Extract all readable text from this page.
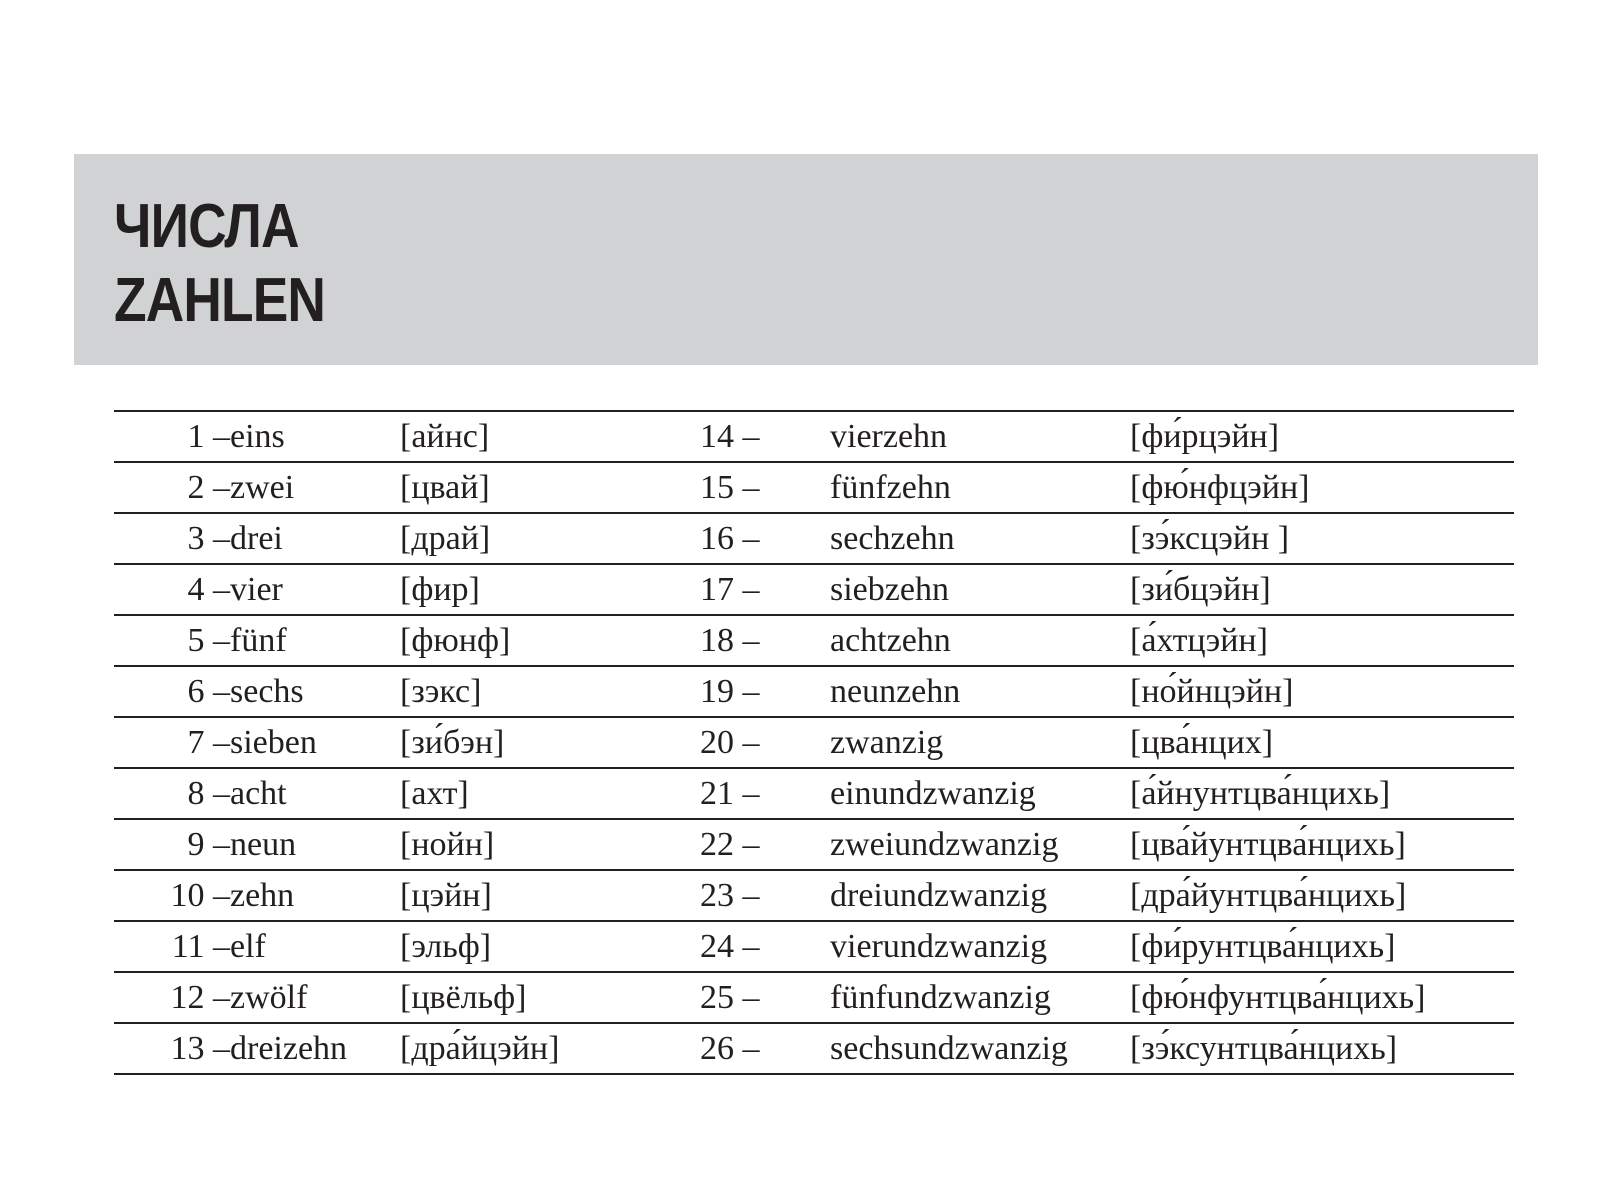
ЧИСЛА
ZAHLEN
1 –	eins	[айнс]	14 –	vierzehn	[фи́рцэйн]
2 –	zwei	[цвай]	15 –	fünfzehn	[фю́нфцэйн]
3 –	drei	[драй]	16 –	sechzehn	[зэ́ксцэйн ]
4 –	vier	[фир]	17 –	siebzehn	[зи́бцэйн]
5 –	fünf	[фюнф]	18 –	achtzehn	[а́хтцэйн]
6 –	sechs	[зэкс]	19 –	neunzehn	[но́йнцэйн]
7 –	sieben	[зи́бэн]	20 –	zwanzig	[цва́нцих]
8 –	acht	[ахт]	21 –	einundzwanzig	[а́йнунтцва́нцихь]
9 –	neun	[нойн]	22 –	zweiundzwanzig	[цва́йунтцва́нцихь]
10 –	zehn	[цэйн]	23 –	dreiundzwanzig	[дра́йунтцва́нцихь]
11 –	elf	[эльф]	24 –	vierundzwanzig	[фи́рунтцва́нцихь]
12 –	zwölf	[цвёльф]	25 –	fünfundzwanzig	[фю́нфунтцва́нцихь]
13 –	dreizehn	[дра́йцэйн]	26 –	sechsundzwanzig	[зэ́ксунтцва́нцихь]
